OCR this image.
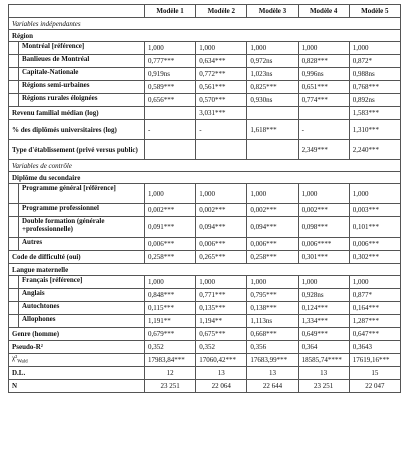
	Modèle 1	Modèle 2	Modèle 3	Modèle 4	Modèle 5
Variables indépendantes					
Région					

Montréal [référence]	1,000	1,000	1,000	1,000	1,000

Banlieues de Montréal	0,777***	0,634***	0,972ns	0,828***	0,872*

Capitale-Nationale	0,919ns	0,772***	1,023ns	0,996ns	0,988ns

Régions semi-urbaines	0,589***	0,561***	0,825***	0,651***	0,768***

Régions rurales éloignées	0,656***	0,570***	0,930ns	0,774***	0,892ns
Revenu familial médian (log)		3,031***			1,583***
% des diplômés universitaires (log)	-	-	1,618***	-	1,310***
Type d'établissement (privé versus public)				2,349***	2,240***
Variables de contrôle					
Diplôme du secondaire					

Programme général [référence]	1,000	1,000	1,000	1,000	1,000

Programme professionnel	0,002***	0,002***	0,002***	0,002***	0,003***

Double formation (générale +professionnelle)	0,091***	0,094***	0,094***	0,098***	0,101***

Autres	0,006***	0,006***	0,006***	0,006****	0,006***
Code de difficulté (oui)	0,258***	0,265***	0,258***	0,301***	0,302***
Langue maternelle					

Français [référence]	1,000	1,000	1,000	1,000	1,000

Anglais	0,848***	0,771***	0,795***	0,928ns	0,877*

Autochtones	0,115***	0,135***	0,138***	0,124***	0,164***

Allophones	1,191**	1,194**	1,113ns	1,334***	1,287***
Genre (homme)	0,679***	0,675***	0,668***	0,649***	0,647***
Pseudo-R²	0,352	0,352	0,356	0,364	0,3643
$\chi^2_{Wald}$	17983,84***	17060,42***	17683,99***	18585,74****	17619,16***
D.L.	12	13	13	13	15
N	23 251	22 064	22 644	23 251	22 047
